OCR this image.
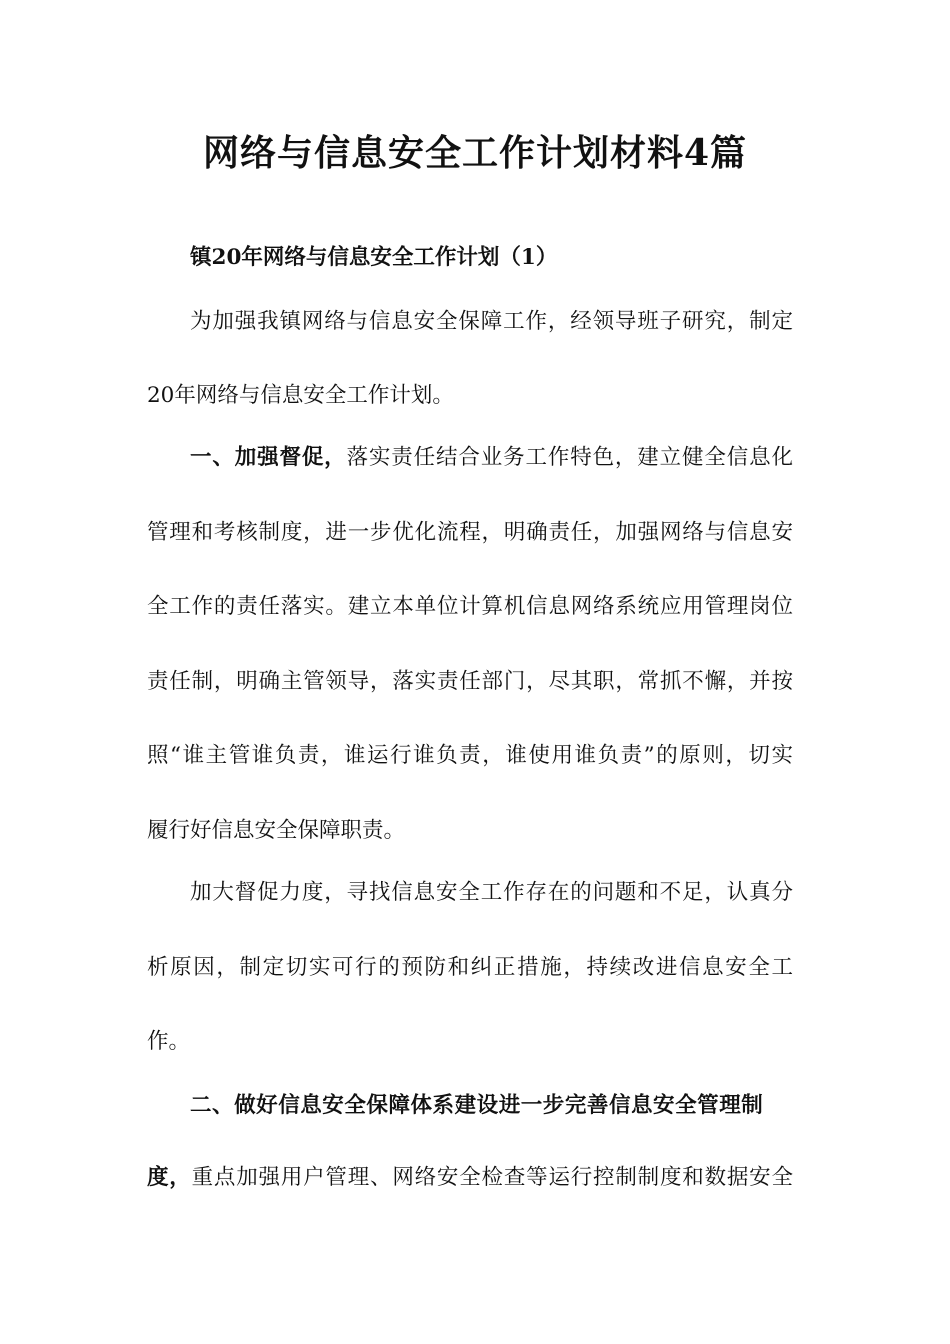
网络与信息安全工作计划材料4篇
镇20年网络与信息安全工作计划（1）
为加强我镇网络与信息安全保障工作，经领导班子研究，制定
20年网络与信息安全工作计划。
一、加强督促，落实责任结合业务工作特色，建立健全信息化
管理和考核制度，进一步优化流程，明确责任，加强网络与信息安
全工作的责任落实。建立本单位计算机信息网络系统应用管理岗位
责任制，明确主管领导，落实责任部门，尽其职，常抓不懈，并按
照“谁主管谁负责，谁运行谁负责，谁使用谁负责”的原则，切实
履行好信息安全保障职责。
加大督促力度，寻找信息安全工作存在的问题和不足，认真分
析原因，制定切实可行的预防和纠正措施，持续改进信息安全工
作。
二、做好信息安全保障体系建设进一步完善信息安全管理制
度，重点加强用户管理、网络安全检查等运行控制制度和数据安全
